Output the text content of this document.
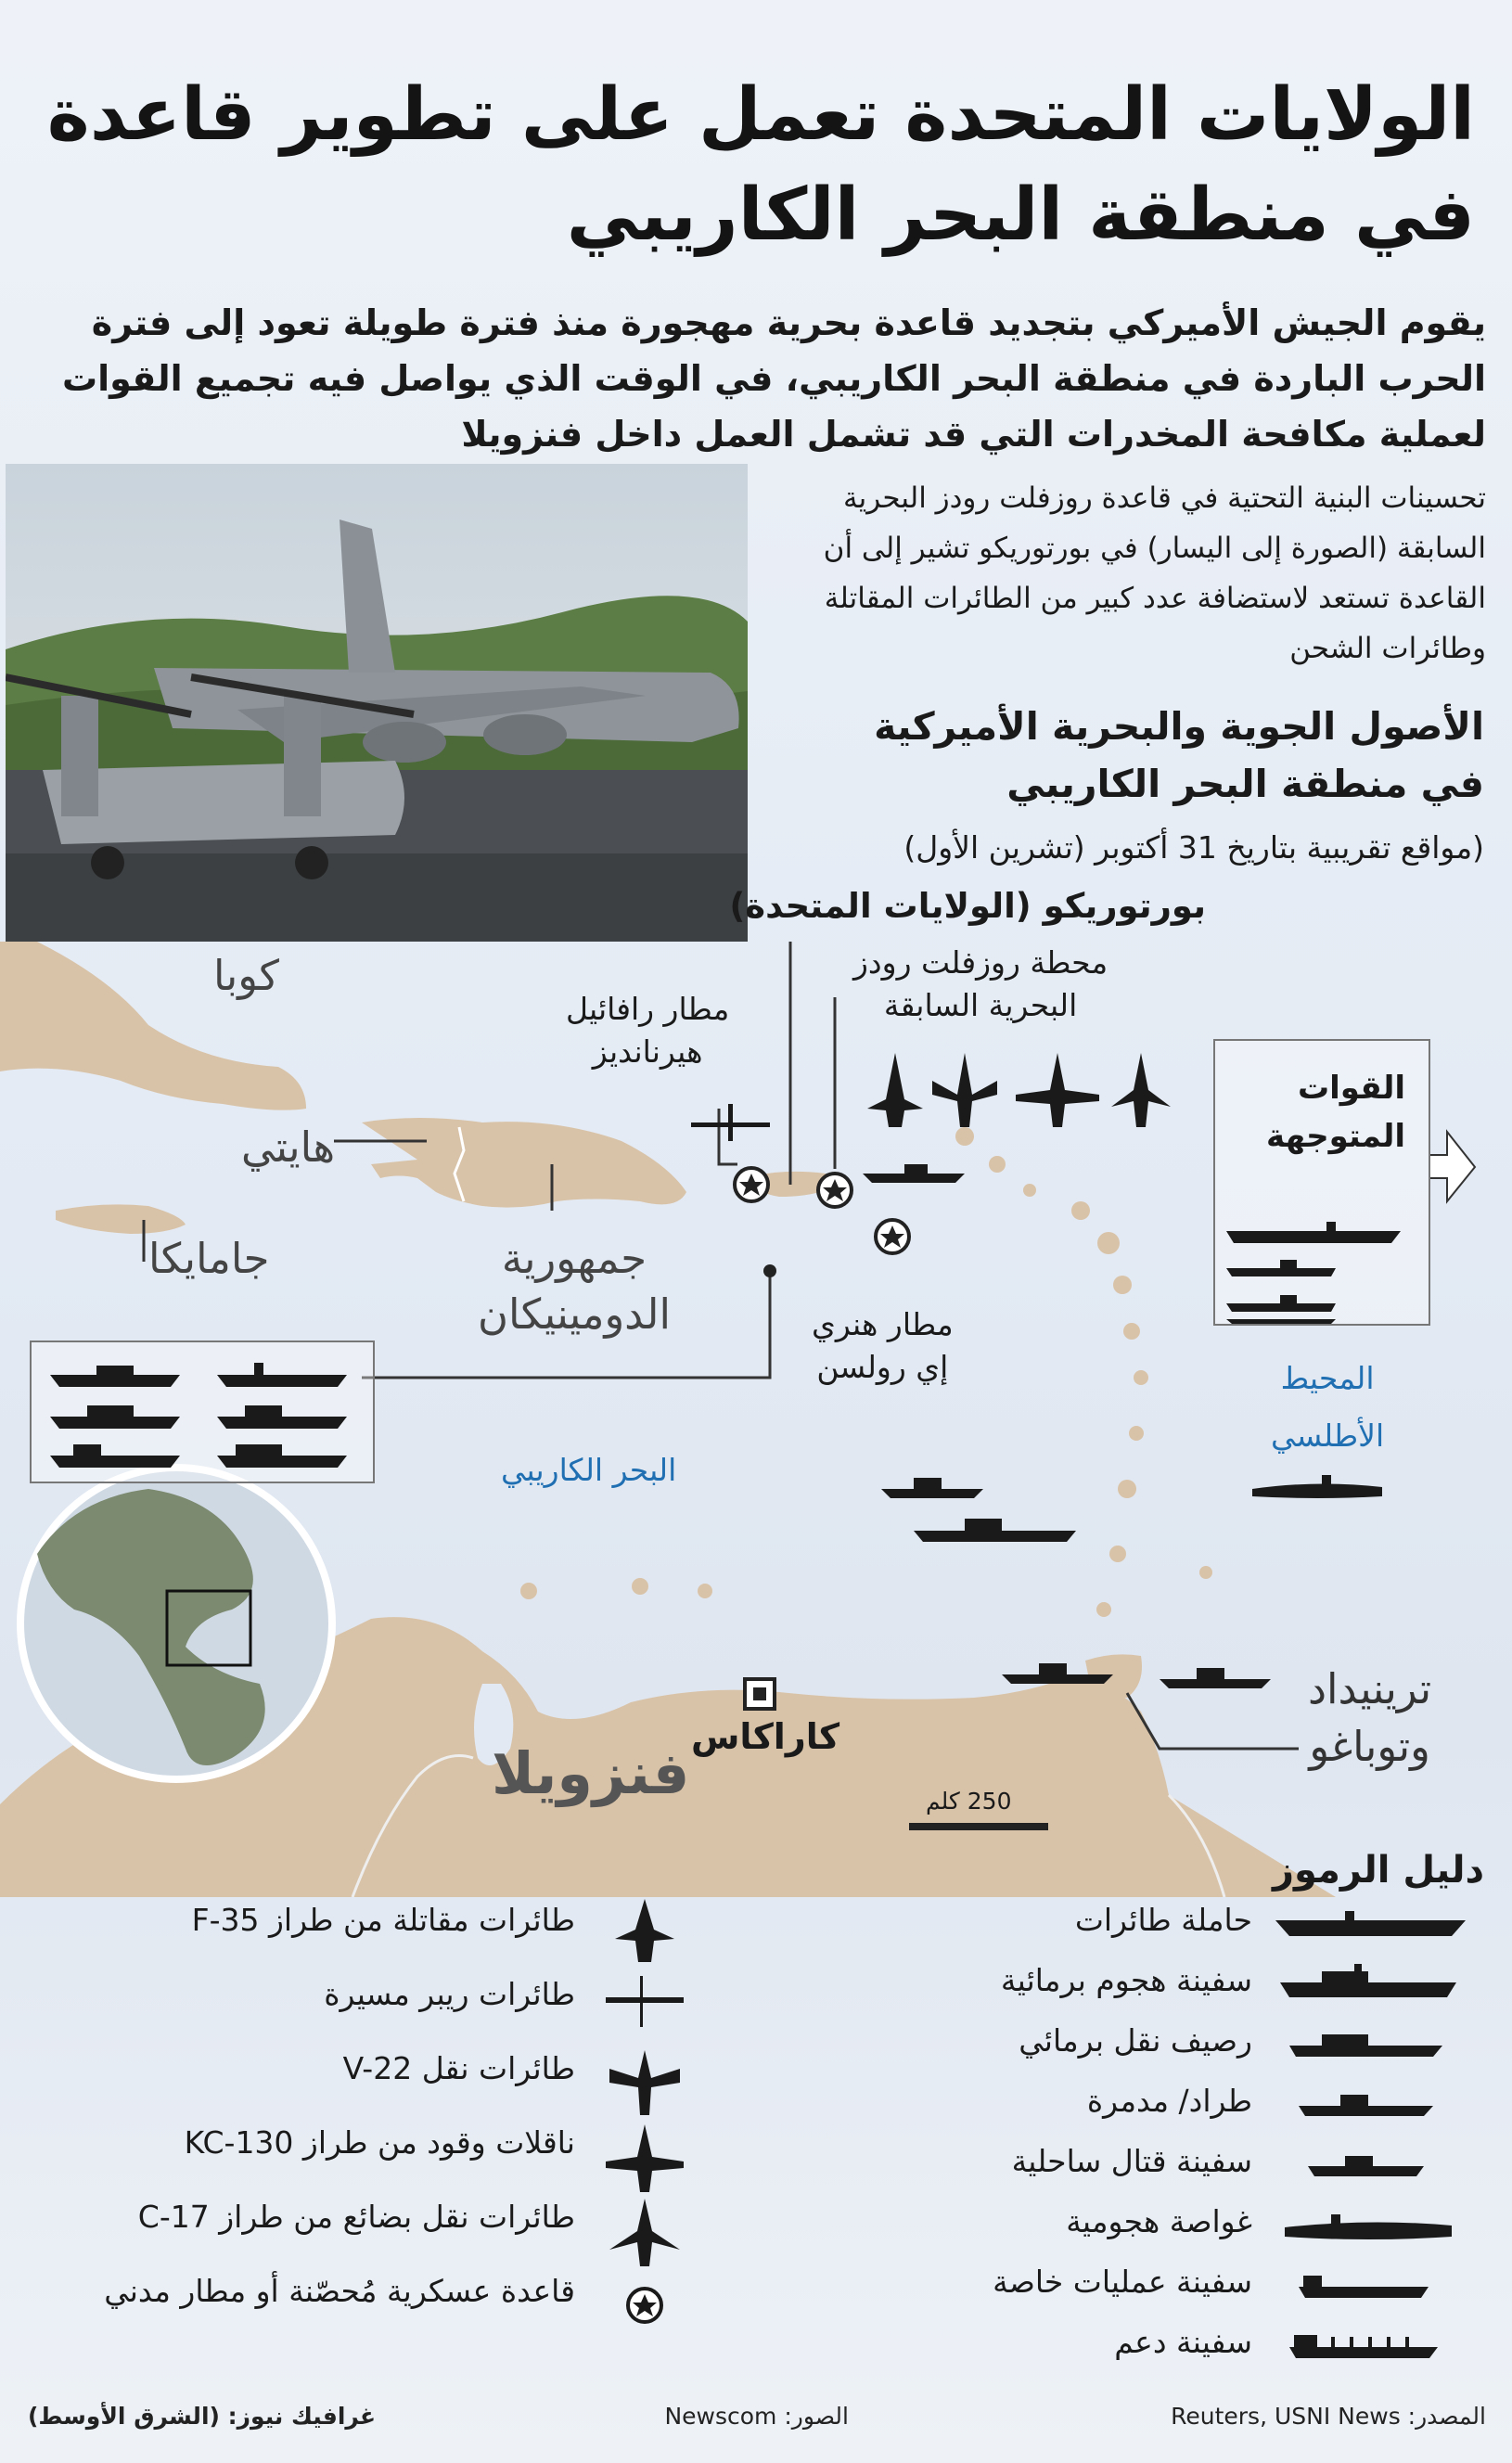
الولايات المتحدة تعمل على تطوير قاعدة
في منطقة البحر الكاريبي
يقوم الجيش الأميركي بتجديد قاعدة بحرية مهجورة منذ فترة طويلة تعود إلى فترة الحرب الباردة في منطقة البحر الكاريبي، في الوقت الذي يواصل فيه تجميع القوات لعملية مكافحة المخدرات التي قد تشمل العمل داخل فنزويلا
تحسينات البنية التحتية في قاعدة روزفلت رودز البحرية السابقة (الصورة إلى اليسار) في بورتوريكو تشير إلى أن القاعدة تستعد لاستضافة عدد كبير من الطائرات المقاتلة وطائرات الشحن
الأصول الجوية والبحرية الأميركية
في منطقة البحر الكاريبي
(مواقع تقريبية بتاريخ 31 أكتوبر (تشرين الأول)
بورتوريكو (الولايات المتحدة)
كوبا
هايتي
جامايكا	جمهورية
الدومينيكان
البحر الكاريبي
المحيط
الأطلسي
فنزويلا
كاراكاس
ترينيداد
وتوباغو
مطار رافائيل
هيرنانديز
محطة روزفلت رودز
البحرية السابقة
مطار هنري
إي رولسن
250 كلم
القوات
المتوجهة
دليل الرموز
حاملة طائرات
سفينة هجوم برمائية
رصيف نقل برمائي
طراد/ مدمرة
سفينة قتال ساحلية
غواصة هجومية
سفينة عمليات خاصة
سفينة دعم
طائرات مقاتلة من طراز F-35
طائرات ريبر مسيرة
طائرات نقل V-22
ناقلات وقود من طراز KC-130
طائرات نقل بضائع من طراز C-17
قاعدة عسكرية مُحصّنة أو مطار مدني
المصدر: Reuters, USNI News
الصور: Newscom
غرافيك نيوز: (الشرق الأوسط)
